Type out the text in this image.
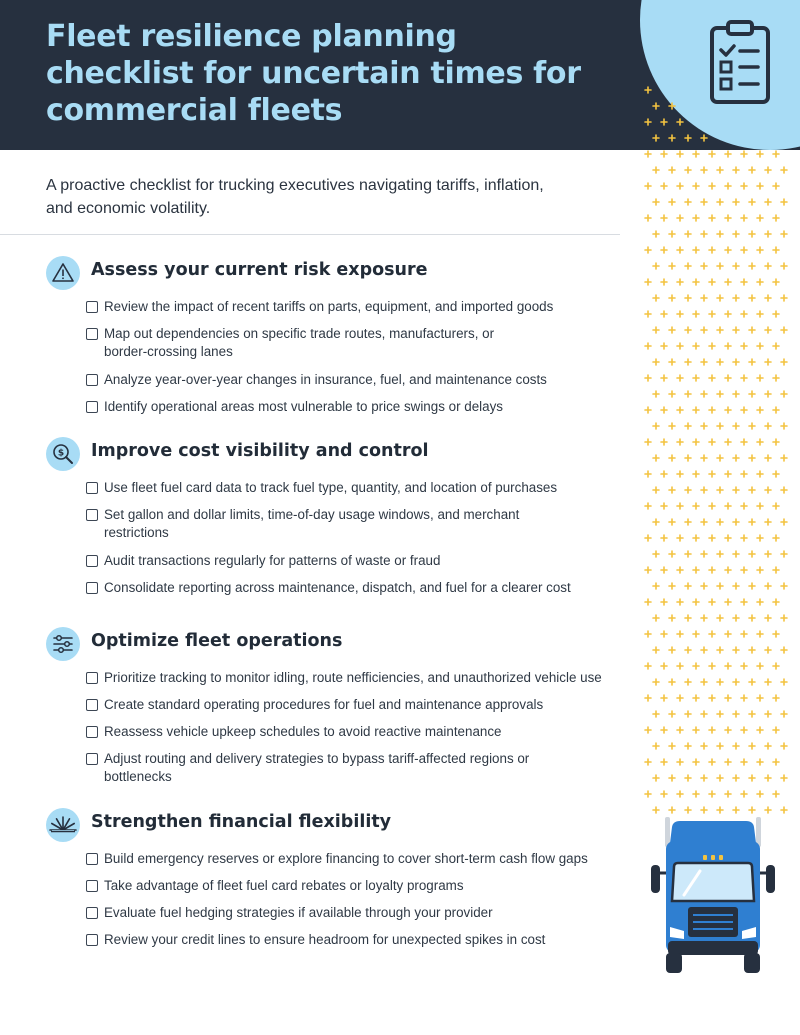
Fleet resilience planning checklist for uncertain times for commercial fleets

A proactive checklist for trucking executives navigating tariffs, inflation, and economic volatility.

Assess your current risk exposure
Review the impact of recent tariffs on parts, equipment, and imported goods
Map out dependencies on specific trade routes, manufacturers, or border-crossing lanes
Analyze year-over-year changes in insurance, fuel, and maintenance costs
Identify operational areas most vulnerable to price swings or delays
$ Improve cost visibility and control
Use fleet fuel card data to track fuel type, quantity, and location of purchases
Set gallon and dollar limits, time-of-day usage windows, and merchant restrictions
Audit transactions regularly for patterns of waste or fraud
Consolidate reporting across maintenance, dispatch, and fuel for a clearer cost
Optimize fleet operations
Prioritize tracking to monitor idling, route nefficiencies, and unauthorized vehicle use
Create standard operating procedures for fuel and maintenance approvals
Reassess vehicle upkeep schedules to avoid reactive maintenance
Adjust routing and delivery strategies to bypass tariff-affected regions or bottlenecks
Strengthen financial flexibility
Build emergency reserves or explore financing to cover short-term cash flow gaps
Take advantage of fleet fuel card rebates or loyalty programs
Evaluate fuel hedging strategies if available through your provider
Review your credit lines to ensure headroom for unexpected spikes in cost
